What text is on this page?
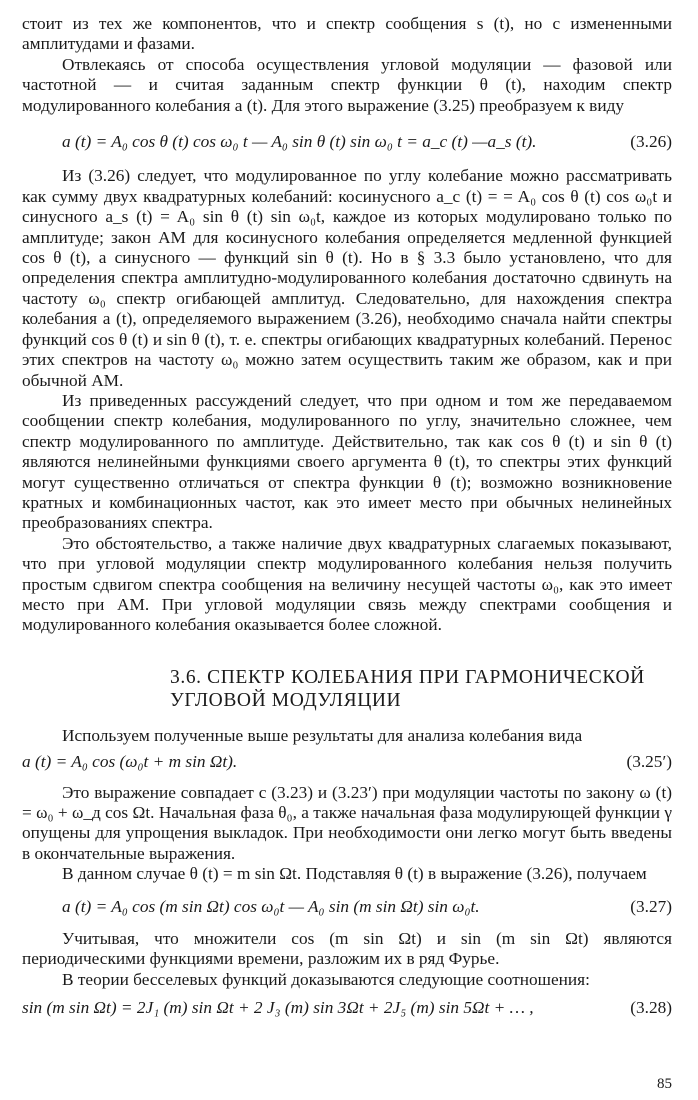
стоит из тех же компонентов, что и спектр сообщения s (t), но с измененными амплитудами и фазами.

Отвлекаясь от способа осуществления угловой модуляции — фазовой или частотной — и считая заданным спектр функции θ (t), находим спектр модулированного колебания a (t). Для этого выражение (3.25) преобразуем к виду

a (t) = A₀ cos θ (t) cos ω₀ t — A₀ sin θ (t) sin ω₀ t = a_c (t) —a_s (t).	(3.26)

Из (3.26) следует, что модулированное по углу колебание можно рассматривать как сумму двух квадратурных колебаний: косинусного a_c (t) = = A₀ cos θ (t) cos ω₀t и синусного a_s (t) = A₀ sin θ (t) sin ω₀t, каждое из которых модулировано только по амплитуде; закон АМ для косинусного колебания определяется медленной функцией cos θ (t), а синусного — функций sin θ (t). Но в § 3.3 было установлено, что для определения спектра амплитудно-модулированного колебания достаточно сдвинуть на частоту ω₀ спектр огибающей амплитуд. Следовательно, для нахождения спектра колебания a (t), определяемого выражением (3.26), необходимо сначала найти спектры функций cos θ (t) и sin θ (t), т. е. спектры огибающих квадратурных колебаний. Перенос этих спектров на частоту ω₀ можно затем осуществить таким же образом, как и при обычной АМ.

Из приведенных рассуждений следует, что при одном и том же передаваемом сообщении спектр колебания, модулированного по углу, значительно сложнее, чем спектр модулированного по амплитуде. Действительно, так как cos θ (t) и sin θ (t) являются нелинейными функциями своего аргумента θ (t), то спектры этих функций могут существенно отличаться от спектра функции θ (t); возможно возникновение кратных и комбинационных частот, как это имеет место при обычных нелинейных преобразованиях спектра.

Это обстоятельство, а также наличие двух квадратурных слагаемых показывают, что при угловой модуляции спектр модулированного колебания нельзя получить простым сдвигом спектра сообщения на величину несущей частоты ω₀, как это имеет место при АМ. При угловой модуляции связь между спектрами сообщения и модулированного колебания оказывается более сложной.

3.6. СПЕКТР КОЛЕБАНИЯ ПРИ ГАРМОНИЧЕСКОЙ
УГЛОВОЙ МОДУЛЯЦИИ

Используем полученные выше результаты для анализа колебания вида

a (t) = A₀ cos (ω₀t + m sin Ωt).	(3.25′)

Это выражение совпадает с (3.23) и (3.23′) при модуляции частоты по закону ω (t) = ω₀ + ω_д cos Ωt. Начальная фаза θ₀, а также начальная фаза модулирующей функции γ опущены для упрощения выкладок. При необходимости они легко могут быть введены в окончательные выражения.

В данном случае θ (t) = m sin Ωt. Подставляя θ (t) в выражение (3.26), получаем

a (t) = A₀ cos (m sin Ωt) cos ω₀t — A₀ sin (m sin Ωt) sin ω₀t.	(3.27)

Учитывая, что множители cos (m sin Ωt) и sin (m sin Ωt) являются периодическими функциями времени, разложим их в ряд Фурье.

В теории бесселевых функций доказываются следующие соотношения:

sin (m sin Ωt) = 2J₁ (m) sin Ωt + 2 J₃ (m) sin 3Ωt + 2J₅ (m) sin 5Ωt + … ,	(3.28)
85
